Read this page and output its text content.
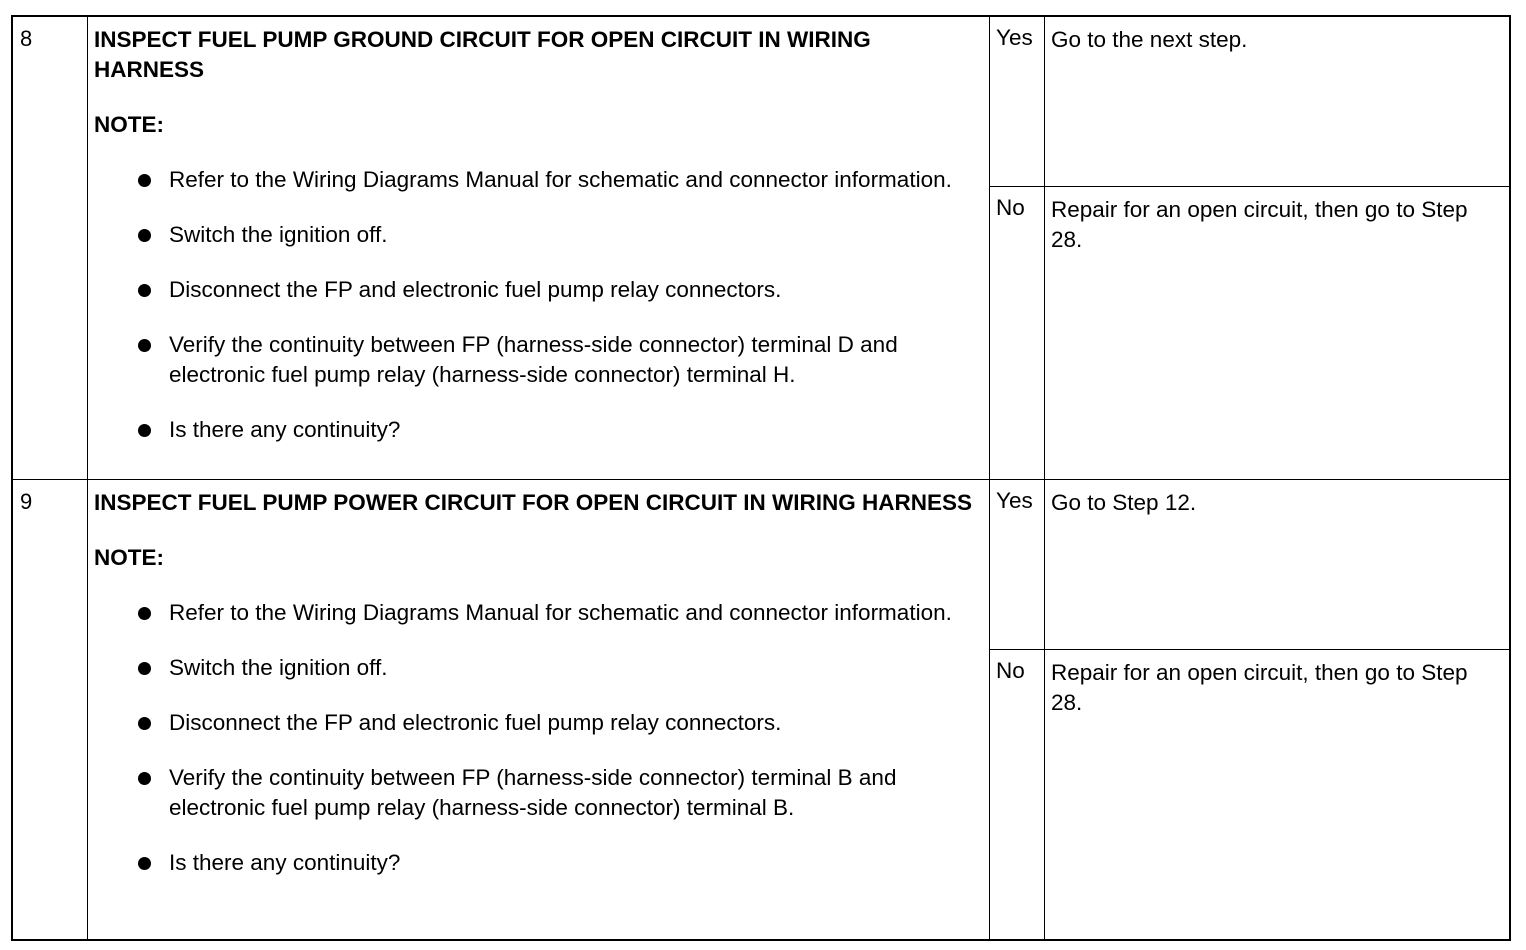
8	INSPECT FUEL PUMP GROUND CIRCUIT FOR OPEN CIRCUIT IN WIRING HARNESS
NOTE:
Refer to the Wiring Diagrams Manual for schematic and connector information.
Switch the ignition off.
Disconnect the FP and electronic fuel pump relay connectors.
Verify the continuity between FP (harness-side connector) terminal D and electronic fuel pump relay (harness-side connector) terminal H.
Is there any continuity?
Yes Go to the next step.
No	Repair for an open circuit, then go to Step 28.
9	INSPECT FUEL PUMP POWER CIRCUIT FOR OPEN CIRCUIT IN WIRING HARNESS
NOTE:
Refer to the Wiring Diagrams Manual for schematic and connector information.
Switch the ignition off.
Disconnect the FP and electronic fuel pump relay connectors.
Verify the continuity between FP (harness-side connector) terminal B and electronic fuel pump relay (harness-side connector) terminal B.
Is there any continuity?
Yes Go to Step 12.
No	Repair for an open circuit, then go to Step 28.
